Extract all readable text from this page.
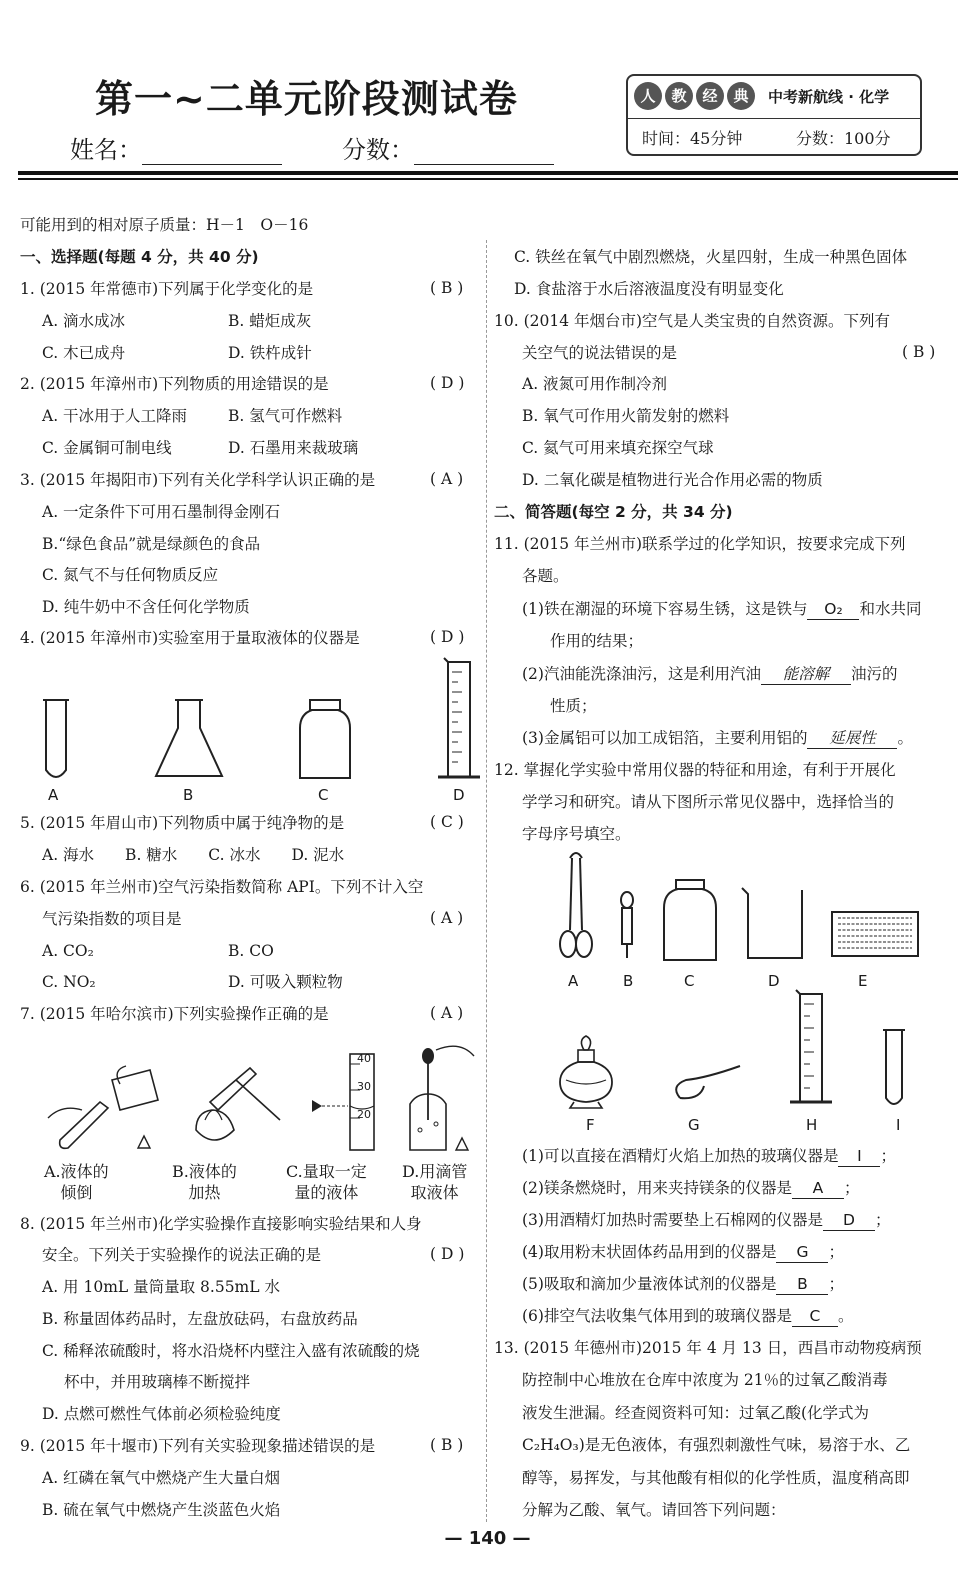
第一~二单元阶段测试卷
姓名：	分数：
人	教	经	典	中考新航线 · 化学
时间：45分钟	分数：100分
可能用到的相对原子质量：H－1　O－16
一、选择题(每题 4 分，共 40 分)
1. (2015 年常德市)下列属于化学变化的是	( B )
A. 滴水成冰	B. 蜡炬成灰
C. 木已成舟	D. 铁杵成针
2. (2015 年漳州市)下列物质的用途错误的是	( D )
A. 干冰用于人工降雨	B. 氢气可作燃料
C. 金属铜可制电线	D. 石墨用来裁玻璃
3. (2015 年揭阳市)下列有关化学科学认识正确的是	( A )
A. 一定条件下可用石墨制得金刚石
B.“绿色食品”就是绿颜色的食品
C. 氮气不与任何物质反应
D. 纯牛奶中不含任何化学物质
4. (2015 年漳州市)实验室用于量取液体的仪器是	( D )
A	B	C	D
5. (2015 年眉山市)下列物质中属于纯净物的是	( C )
A. 海水　　B. 糖水　　C. 冰水　　D. 泥水
6. (2015 年兰州市)空气污染指数简称 API。下列不计入空
气污染指数的项目是	( A )
A. CO₂	B. CO
C. NO₂	D. 可吸入颗粒物
7. (2015 年哈尔滨市)下列实验操作正确的是	( A )
40
30
20
A.液体的
倾倒
B.液体的
加热
C.量取一定
量的液体
D.用滴管
取液体
8. (2015 年兰州市)化学实验操作直接影响实验结果和人身
安全。下列关于实验操作的说法正确的是	( D )
A. 用 10mL 量筒量取 8.55mL 水
B. 称量固体药品时，左盘放砝码，右盘放药品
C. 稀释浓硫酸时，将水沿烧杯内壁注入盛有浓硫酸的烧
杯中，并用玻璃棒不断搅拌
D. 点燃可燃性气体前必须检验纯度
9. (2015 年十堰市)下列有关实验现象描述错误的是	( B )
A. 红磷在氧气中燃烧产生大量白烟
B. 硫在氧气中燃烧产生淡蓝色火焰
C. 铁丝在氧气中剧烈燃烧，火星四射，生成一种黑色固体
D. 食盐溶于水后溶液温度没有明显变化
10. (2014 年烟台市)空气是人类宝贵的自然资源。下列有
关空气的说法错误的是	( B )
A. 液氮可用作制冷剂
B. 氧气可作用火箭发射的燃料
C. 氦气可用来填充探空气球
D. 二氧化碳是植物进行光合作用必需的物质
二、简答题(每空 2 分，共 34 分)
11. (2015 年兰州市)联系学过的化学知识，按要求完成下列
各题。
(1)铁在潮湿的环境下容易生锈，这是铁与 O₂ 和水共同
作用的结果；
(2)汽油能洗涤油污，这是利用汽油 能溶解 油污的
性质；
(3)金属铝可以加工成铝箔，主要利用铝的 延展性 。
12. 掌握化学实验中常用仪器的特征和用途，有利于开展化
学学习和研究。请从下图所示常见仪器中，选择恰当的
字母序号填空。
A	B	C	D	E
F	G	H	I
(1)可以直接在酒精灯火焰上加热的玻璃仪器是 I ；
(2)镁条燃烧时，用来夹持镁条的仪器是 A ；
(3)用酒精灯加热时需要垫上石棉网的仪器是 D ；
(4)取用粉末状固体药品用到的仪器是 G ；
(5)吸取和滴加少量液体试剂的仪器是 B ；
(6)排空气法收集气体用到的玻璃仪器是 C 。
13. (2015 年德州市)2015 年 4 月 13 日，西昌市动物疫病预
防控制中心堆放在仓库中浓度为 21％的过氧乙酸消毒
液发生泄漏。经查阅资料可知：过氧乙酸(化学式为
C₂H₄O₃)是无色液体，有强烈刺激性气味，易溶于水、乙
醇等，易挥发，与其他酸有相似的化学性质，温度稍高即
分解为乙酸、氧气。请回答下列问题：
— 140 —
